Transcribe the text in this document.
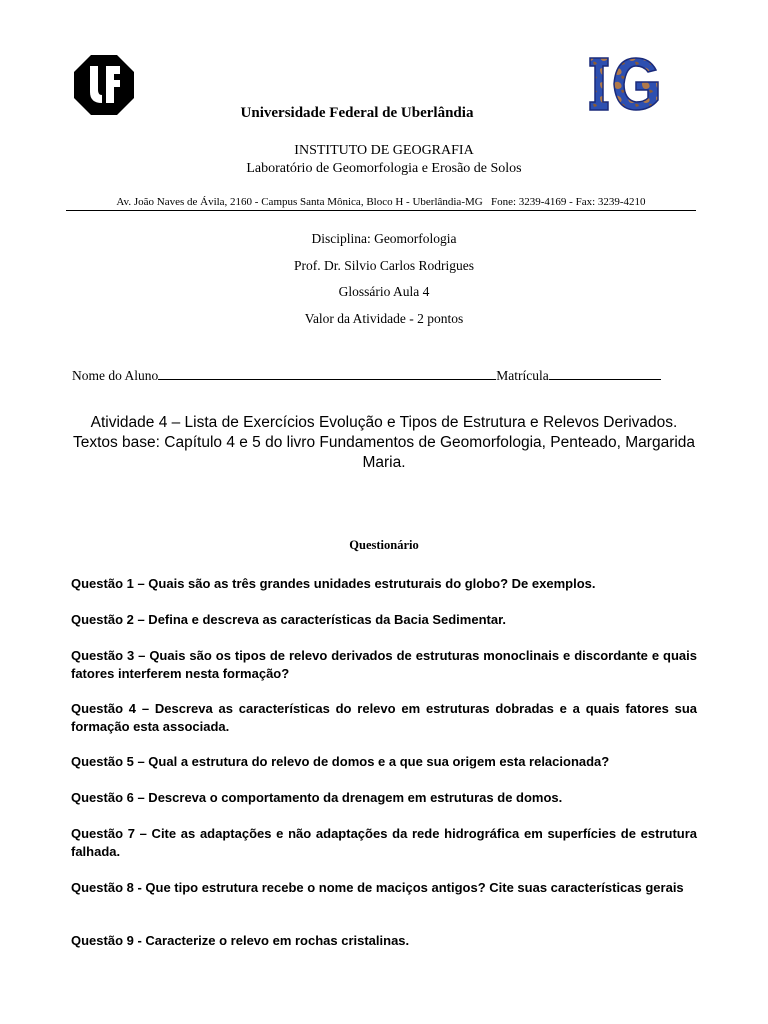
Universidade Federal de Uberlândia
INSTITUTO DE GEOGRAFIA
Laboratório de Geomorfologia e Erosão de Solos
Av. João Naves de Ávila, 2160 - Campus Santa Mônica, Bloco H - Uberlândia-MG   Fone: 3239-4169 - Fax: 3239-4210
Disciplina: Geomorfologia
Prof. Dr. Silvio Carlos Rodrigues
Glossário Aula 4
Valor da Atividade - 2 pontos
Nome do Aluno	Matrícula
Atividade 4 – Lista de Exercícios Evolução e Tipos de Estrutura e Relevos Derivados.
Textos base: Capítulo 4 e 5 do livro Fundamentos de Geomorfologia, Penteado, Margarida Maria.
Questionário
Questão 1 – Quais são as três grandes unidades estruturais do globo? De exemplos.
Questão 2 – Defina e descreva as características da Bacia Sedimentar.
Questão 3 – Quais são os tipos de relevo derivados de estruturas monoclinais e discordante e quais fatores interferem nesta formação?
Questão 4 – Descreva as características do relevo em estruturas dobradas e a quais fatores sua formação esta associada.
Questão 5 – Qual a estrutura do relevo de domos e a que sua origem esta relacionada?
Questão 6 – Descreva o comportamento da drenagem em estruturas de domos.
Questão 7 – Cite as adaptações e não adaptações da rede hidrográfica em superfícies de estrutura falhada.
Questão 8 - Que tipo estrutura recebe o nome de maciços antigos? Cite suas características gerais
Questão 9 - Caracterize o relevo em rochas cristalinas.
